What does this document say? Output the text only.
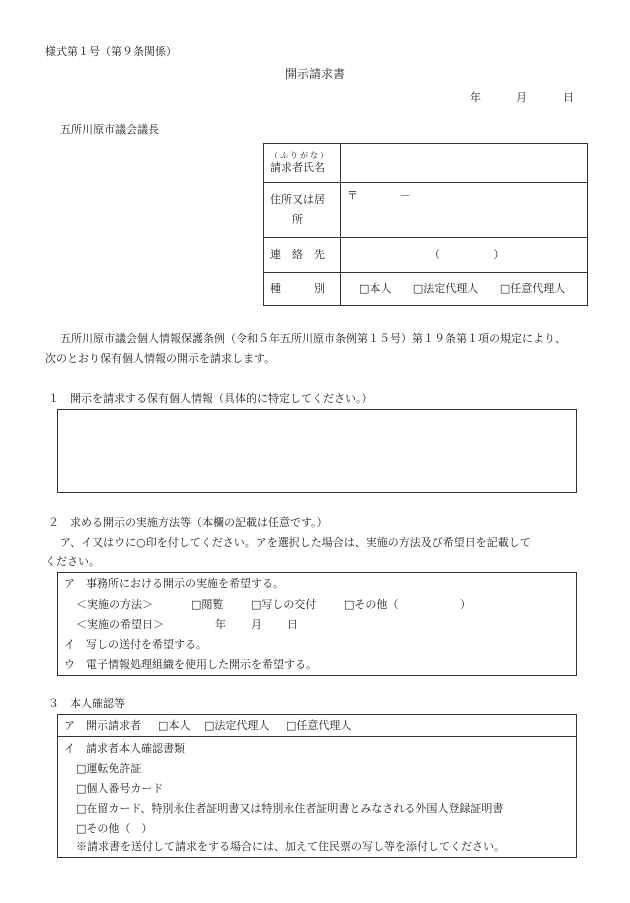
様式第１号（第９条関係）
開示請求書
年	月	日
五所川原市議会議長
（ふりがな）
請求者氏名	

住所又は居
所	〒 －
連　絡　先	（ ）
種　　　別	□本人 □法定代理人 □任意代理人
五所川原市議会個人情報保護条例（令和５年五所川原市条例第１５号）第１９条第１項の規定により、
次のとおり保有個人情報の開示を請求します。
１　開示を請求する保有個人情報（具体的に特定してください。）
２　求める開示の実施方法等（本欄の記載は任意です。）
ア、イ又はウに○印を付してください。アを選択した場合は、実施の方法及び希望日を記載して
ください。
ア　事務所における開示の実施を希望する。
＜実施の方法＞	□閲覧	□写しの交付	□その他（	）
＜実施の希望日＞	年 月 日
イ　写しの送付を希望する。
ウ　電子情報処理組織を使用した開示を希望する。
３　本人確認等
ア　開示請求者 □本人 □法定代理人 □任意代理人
イ　請求者本人確認書類
□運転免許証
□個人番号カード
□在留カード、特別永住者証明書又は特別永住者証明書とみなされる外国人登録証明書
□その他（　）
※請求書を送付して請求をする場合には、加えて住民票の写し等を添付してください。
